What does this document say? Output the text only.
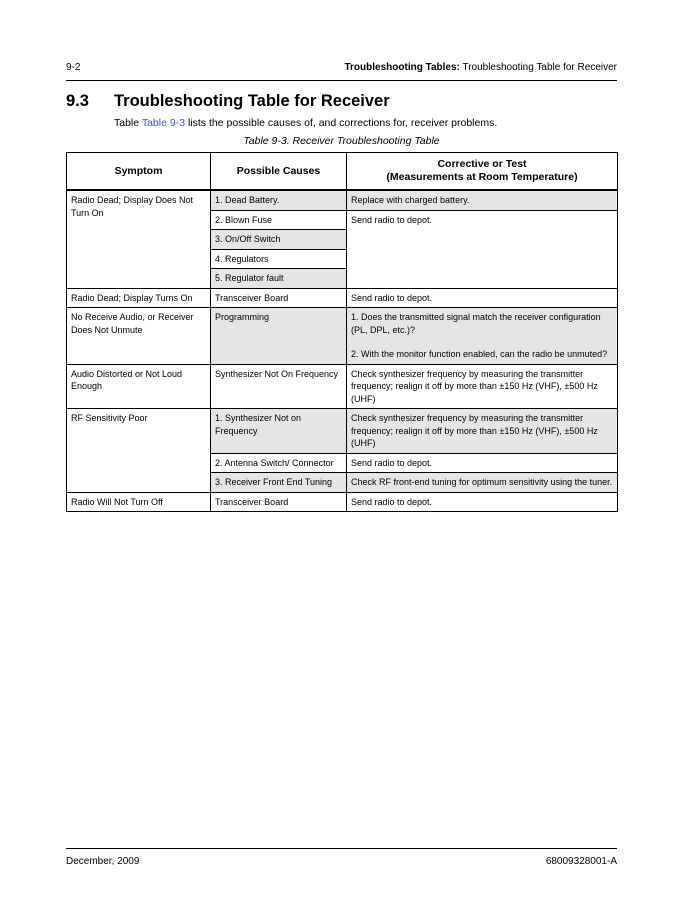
9-2	Troubleshooting Tables: Troubleshooting Table for Receiver
9.3 Troubleshooting Table for Receiver
Table Table 9-3 lists the possible causes of, and corrections for, receiver problems.
Table 9-3. Receiver Troubleshooting Table
Symptom	Possible Causes	Corrective or Test
(Measurements at Room Temperature)

Radio Dead; Display Does Not Turn On	1. Dead Battery.	Replace with charged battery.
	2. Blown Fuse	Send radio to depot.
	3. On/Off Switch	
	4. Regulators	
	5. Regulator fault	
Radio Dead; Display Turns On	Transceiver Board	Send radio to depot.
No Receive Audio, or Receiver Does Not Unmute	Programming	1. Does the transmitted signal match the receiver configuration (PL, DPL, etc.)?
2. With the monitor function enabled, can the radio be unmuted?

Audio Distorted or Not Loud Enough	Synthesizer Not On Frequency	Check synthesizer frequency by measuring the transmitter frequency; realign it off by more than ±150 Hz (VHF), ±500 Hz (UHF)
RF Sensitivity Poor	1. Synthesizer Not on Frequency	Check synthesizer frequency by measuring the transmitter frequency; realign it off by more than ±150 Hz (VHF), ±500 Hz (UHF)
	2. Antenna Switch/ Connector	Send radio to depot.
	3. Receiver Front End Tuning	Check RF front-end tuning for optimum sensitivity using the tuner.
Radio Will Not Turn Off	Transceiver Board	Send radio to depot.
December, 2009	68009328001-A
